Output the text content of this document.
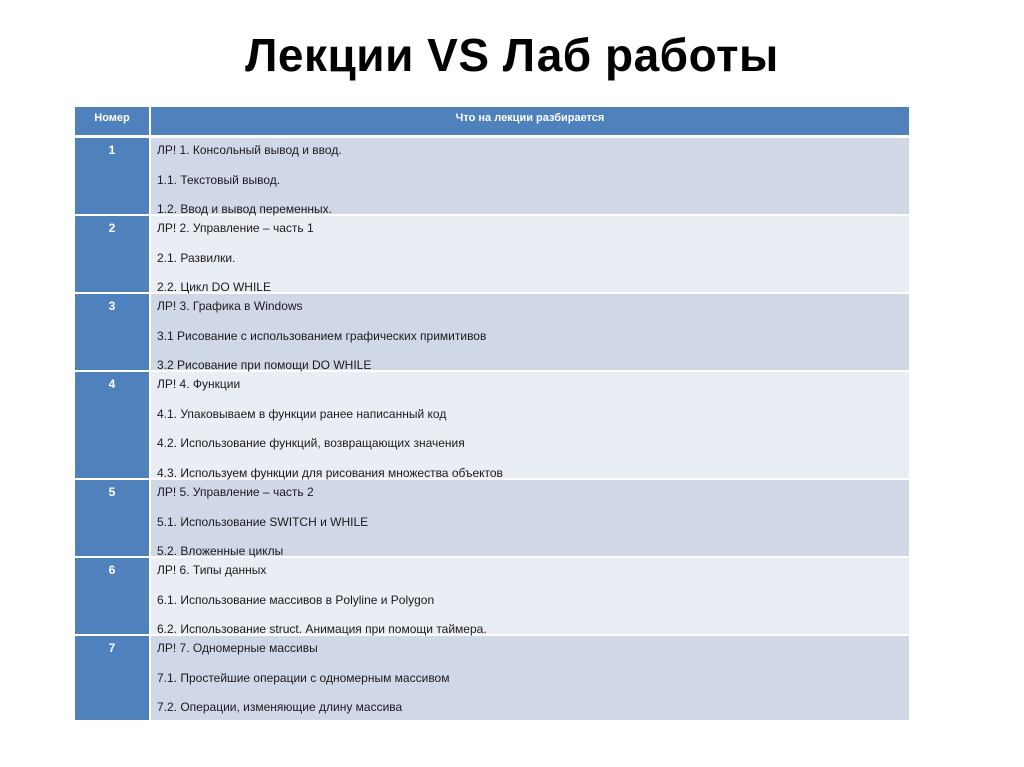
Лекции VS Лаб работы
Номер	Что на лекции разбирается
1	ЛР! 1. Консольный вывод и ввод.
1.1. Текстовый вывод.
1.2. Ввод и вывод переменных.
2	ЛР! 2. Управление – часть 1
2.1. Развилки.
2.2. Цикл DO WHILE
3	ЛР! 3. Графика в Windows
3.1 Рисование с использованием графических примитивов
3.2 Рисование при помощи DO WHILE
4	ЛР! 4. Функции
4.1. Упаковываем в функции ранее написанный код
4.2. Использование функций, возвращающих значения
4.3. Используем функции для рисования множества объектов
5	ЛР! 5. Управление – часть 2
5.1. Использование SWITCH и WHILE
5.2. Вложенные циклы
6	ЛР! 6. Типы данных
6.1. Использование массивов в Polyline и Polygon
6.2. Использование struct. Анимация при помощи таймера.
7	ЛР! 7. Одномерные массивы
7.1. Простейшие операции с одномерным массивом
7.2. Операции, изменяющие длину массива
